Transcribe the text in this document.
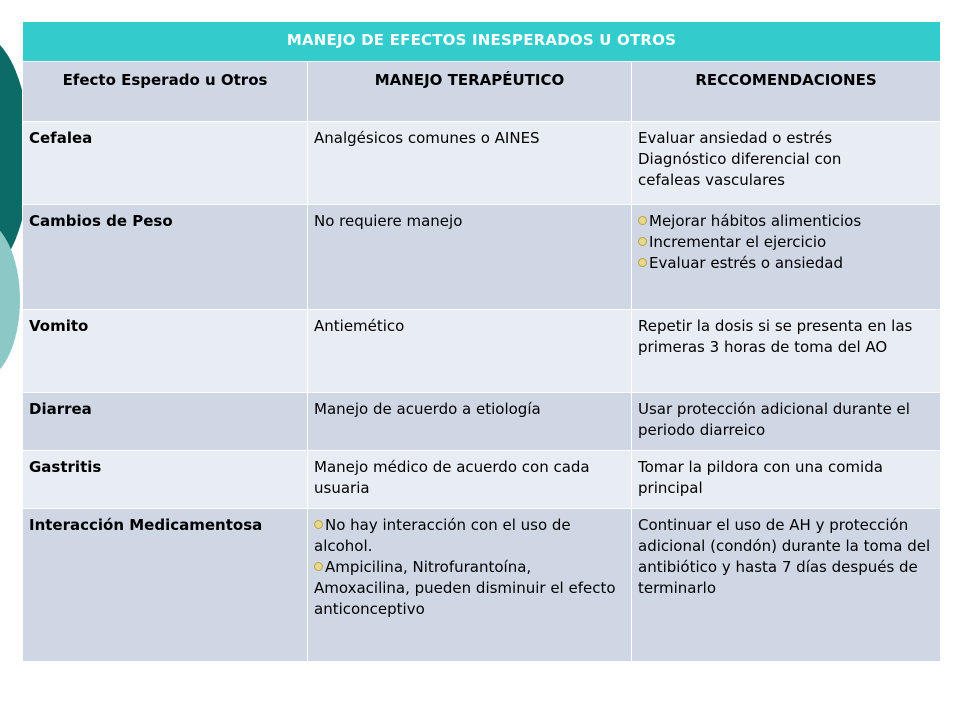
MANEJO DE EFECTOS INESPERADOS U OTROS		
Efecto Esperado u Otros	MANEJO TERAPÉUTICO	RECCOMENDACIONES
Cefalea	Analgésicos comunes o AINES	Evaluar ansiedad o estrés
Diagnóstico diferencial con
cefaleas vasculares

Cambios de Peso	No requiere manejo	Mejorar hábitos alimenticios
Incrementar el ejercicio
Evaluar estrés o ansiedad

Vomito	Antiemético	Repetir la dosis si se presenta en las primeras 3 horas de toma del AO

Diarrea	Manejo de acuerdo a etiología	Usar protección adicional durante el periodo diarreico

Gastritis	Manejo médico de acuerdo con cada usuaria	Tomar la pildora con una comida principal

Interacción Medicamentosa	No hay interacción con el uso de alcohol.
Ampicilina, Nitrofurantoína, Amoxacilina, pueden disminuir el efecto anticonceptivo	Continuar el uso de AH y protección adicional (condón) durante la toma del antibiótico y hasta 7 días después de terminarlo
